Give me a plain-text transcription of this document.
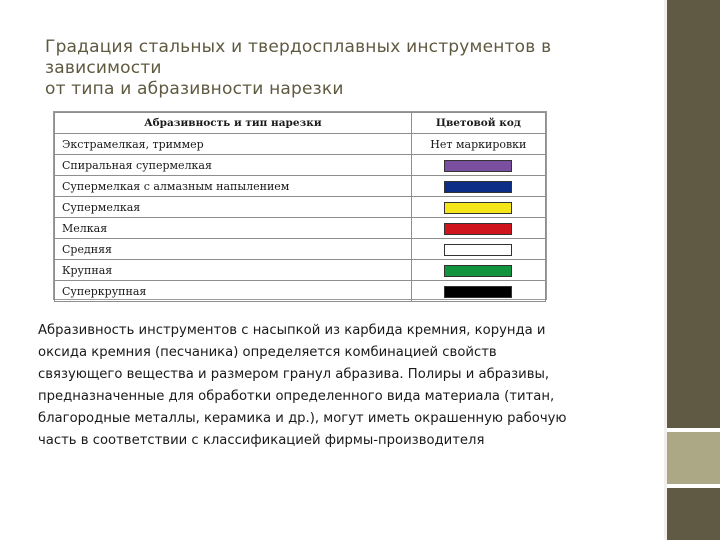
Градация стальных и твердосплавных инструментов в
зависимости
от типа и абразивности нарезки
Абразивность и тип нарезки	Цветовой код
Экстрамелкая, триммер	Нет маркировки
Спиральная супермелкая	
Супермелкая с алмазным напылением	
Супермелкая	
Мелкая	
Средняя	
Крупная	
Суперкрупная	
Абразивность инструментов с насыпкой из карбида кремния, корунда и оксида кремния (песчаника) определяется комбинацией свойств связующего вещества и размером гранул абразива. Полиры и абразивы, предназначенные для обработки определенного вида материала (титан, благородные металлы, керамика и др.), могут иметь окрашенную рабочую часть в соответствии с классификацией фирмы-производителя
